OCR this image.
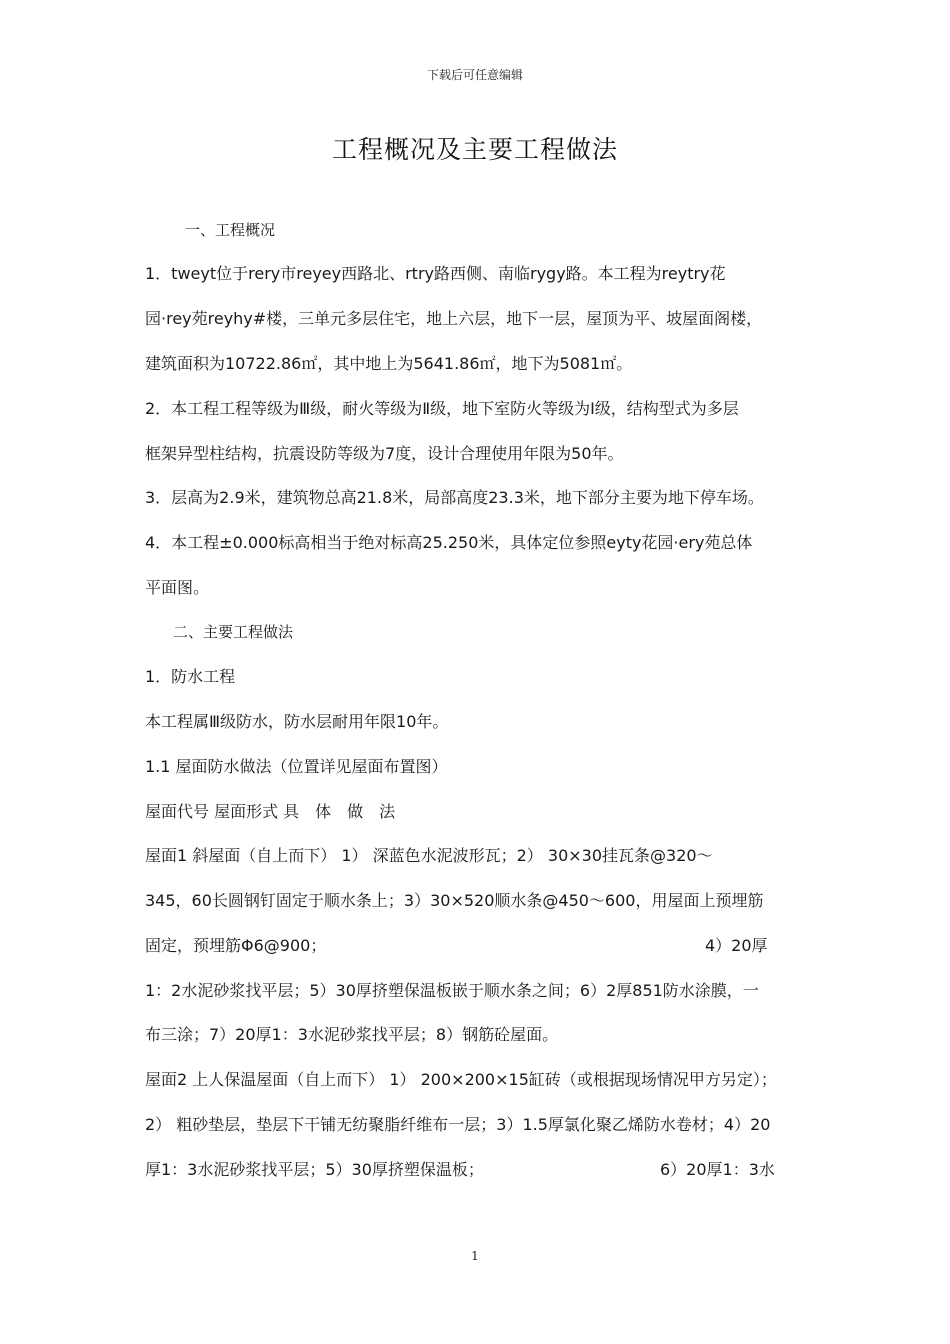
下载后可任意编辑
工程概况及主要工程做法
一、工程概况
1．tweyt位于rery市reyey西路北、rtry路西侧、南临rygy路。本工程为reytry花
园·rey苑reyhy#楼，三单元多层住宅，地上六层，地下一层，屋顶为平、坡屋面阁楼，
建筑面积为10722.86㎡，其中地上为5641.86㎡，地下为5081㎡。
2．本工程工程等级为Ⅲ级，耐火等级为Ⅱ级，地下室防火等级为Ⅰ级，结构型式为多层
框架异型柱结构，抗震设防等级为7度，设计合理使用年限为50年。
3．层高为2.9米，建筑物总高21.8米，局部高度23.3米，地下部分主要为地下停车场。
4．本工程±0.000标高相当于绝对标高25.250米，具体定位参照eyty花园·ery苑总体
平面图。
二、主要工程做法
1．防水工程
本工程属Ⅲ级防水，防水层耐用年限10年。
1.1 屋面防水做法（位置详见屋面布置图）
屋面代号 屋面形式 具　体　做　法
屋面1 斜屋面（自上而下） 1） 深蓝色水泥波形瓦；2） 30×30挂瓦条@320～
345，60长圆钢钉固定于顺水条上；3）30×520顺水条@450～600，用屋面上预埋筋
固定，预埋筋Φ6@900；	4）20厚
1：2水泥砂浆找平层；5）30厚挤塑保温板嵌于顺水条之间；6）2厚851防水涂膜，一
布三涂；7）20厚1：3水泥砂浆找平层；8）钢筋砼屋面。
屋面2 上人保温屋面（自上而下） 1） 200×200×15缸砖（或根据现场情况甲方另定）；
2） 粗砂垫层，垫层下干铺无纺聚脂纤维布一层；3）1.5厚氯化聚乙烯防水卷材；4）20
厚1：3水泥砂浆找平层；5）30厚挤塑保温板；	6）20厚1：3水
1
